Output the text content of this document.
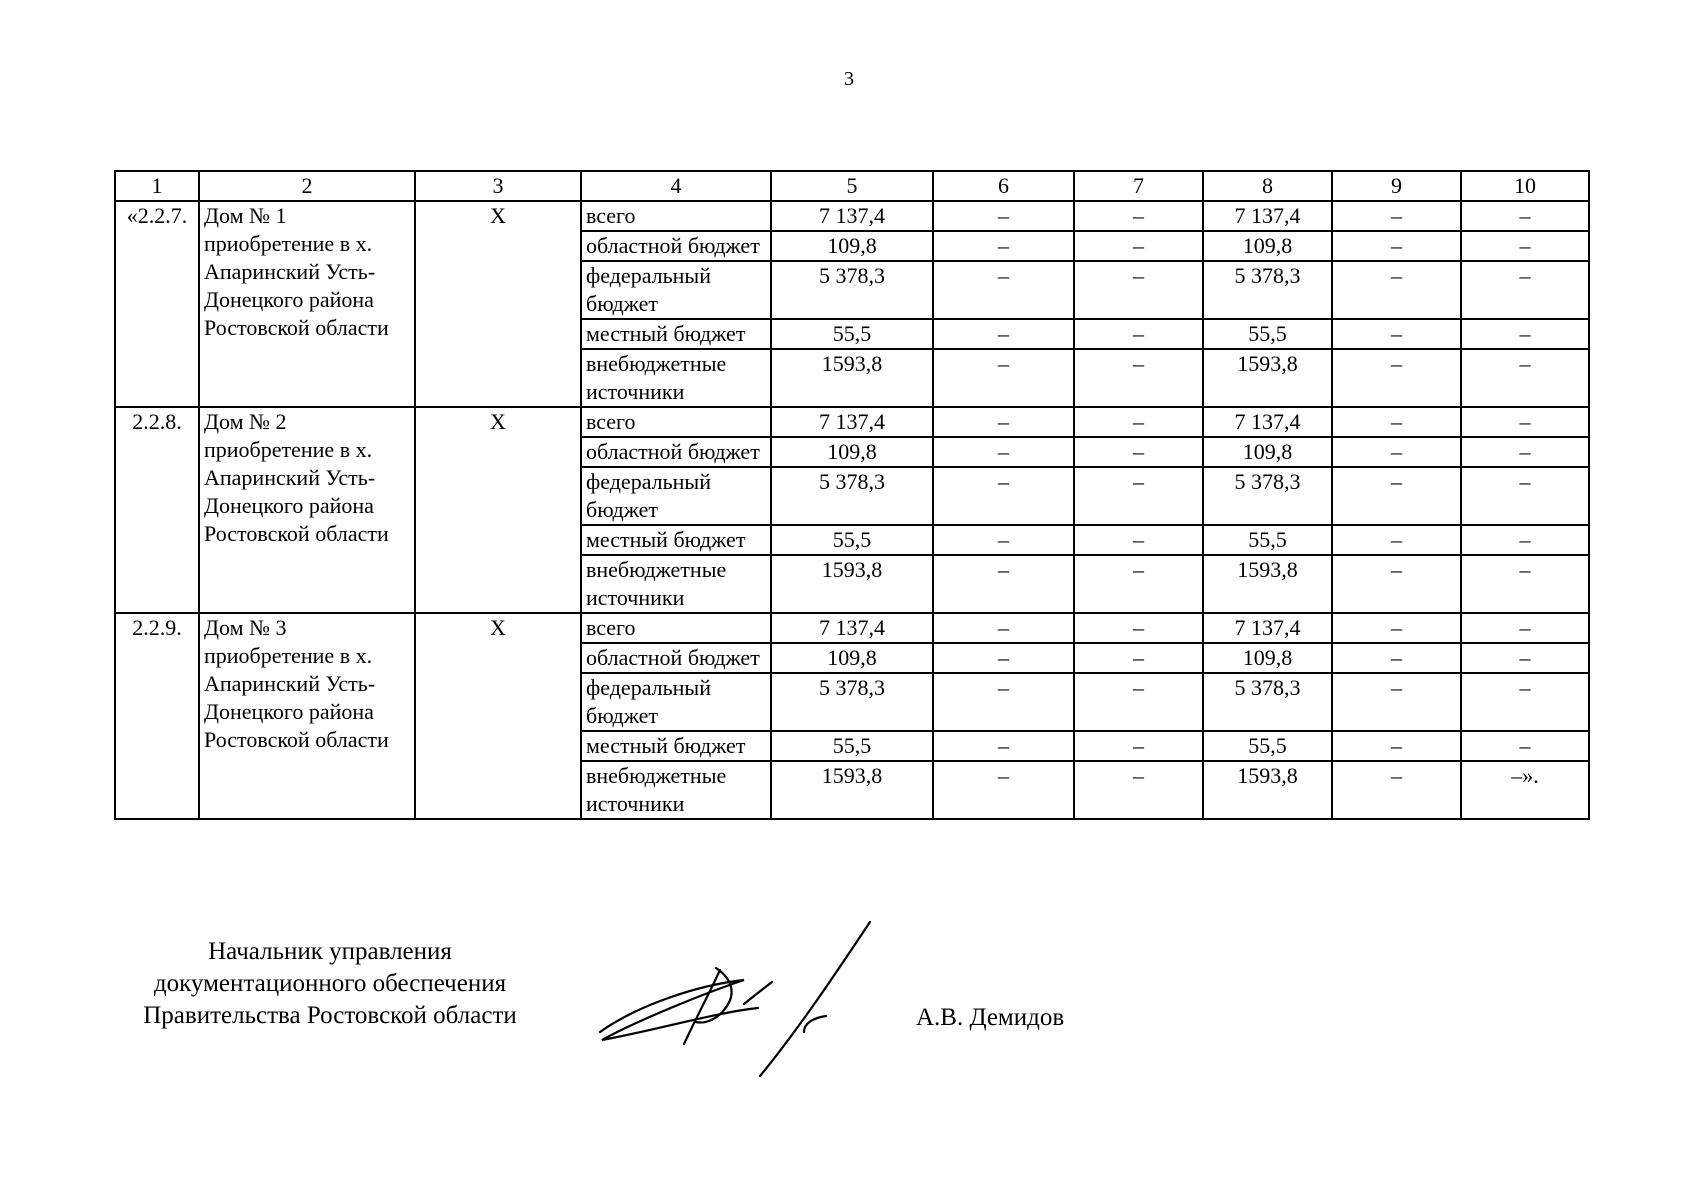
3
1	2	3	4	5	6	7	8	9	10
«2.2.7.	Дом № 1 приобретение в х. Апаринский Усть-Донецкого района Ростовской области	Х	всего	7 137,4	–	–	7 137,4	–	–
			областной бюджет	109,8	–	–	109,8	–	–
			федеральный бюджет	5 378,3	–	–	5 378,3	–	–
			местный бюджет	55,5	–	–	55,5	–	–
			внебюджетные источники	1593,8	–	–	1593,8	–	–
2.2.8.	Дом № 2 приобретение в х. Апаринский Усть-Донецкого района Ростовской области	Х	всего	7 137,4	–	–	7 137,4	–	–
			областной бюджет	109,8	–	–	109,8	–	–
			федеральный бюджет	5 378,3	–	–	5 378,3	–	–
			местный бюджет	55,5	–	–	55,5	–	–
			внебюджетные источники	1593,8	–	–	1593,8	–	–
2.2.9.	Дом № 3 приобретение в х. Апаринский Усть-Донецкого района Ростовской области	Х	всего	7 137,4	–	–	7 137,4	–	–
			областной бюджет	109,8	–	–	109,8	–	–
			федеральный бюджет	5 378,3	–	–	5 378,3	–	–
			местный бюджет	55,5	–	–	55,5	–	–
			внебюджетные источники	1593,8	–	–	1593,8	–	–».
Начальник управления
документационного обеспечения
Правительства Ростовской области	А.В. Демидов
